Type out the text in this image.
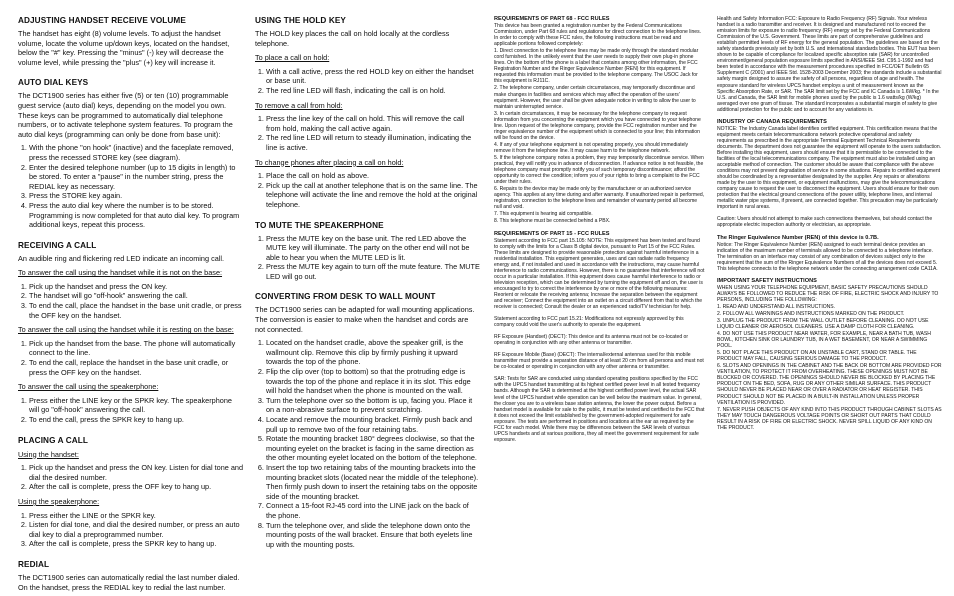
ADJUSTING HANDSET RECEIVE VOLUME

The handset has eight (8) volume levels. To adjust the handset volume, locate the volume up/down keys, located on the handset, below the "#" key. Pressing the "minus" (-) key will decrease the volume level, while pressing the "plus" (+) key will increase it.

AUTO DIAL KEYS

The DCT1900 series has either five (5) or ten (10) programmable guest service (auto dial) keys, depending on the model you own. These keys can be programmed to automatically dial telephone numbers, or to activate telephone system features. To program the auto dial keys (programming can only be done from base unit):

1. With the phone "on hook" (inactive) and the faceplate removed, press the recessed STORE key (see diagram).
2. Enter the desired telephone number (up to 15 digits in length) to be stored. To enter a "pause" in the number string, press the REDIAL key as necessary.
3. Press the STORE key again.
4. Press the auto dial key where the number is to be stored. Programming is now completed for that auto dial key. To program additional keys, repeat this process.
RECEIVING A CALL

An audible ring and flickering red LED indicate an incoming call.

To answer the call using the handset while it is not on the base:

1. Pick up the handset and press the ON key.
2. The handset will go "off-hook" answering the call.
3. To end the call, place the handset in the base unit cradle, or press the OFF key on the handset.

To answer the call using the handset while it is resting on the base:

1. Pick up the handset from the base. The phone will automatically connect to the line.
2. To end the call, replace the handset in the base unit cradle, or press the OFF key on the handset.

To answer the call using the speakerphone:

1. Press either the LINE key or the SPKR key. The speakerphone will go "off-hook" answering the call.
2. To end the call, press the SPKR key to hang up.
PLACING A CALL

Using the handset:

1. Pick up the handset and press the ON key. Listen for dial tone and dial the desired number.
2. After the call is complete, press the OFF key to hang up.

Using the speakerphone:

1. Press either the LINE or the SPKR key.
2. Listen for dial tone, and dial the desired number, or press an auto dial key to dial a preprogrammed number.
3. After the call is complete, press the SPKR key to hang up.
REDIAL

The DCT1900 series can automatically redial the last number dialed. On the handset, press the REDIAL key to redial the last number.

USING THE HOLD KEY

The HOLD key places the call on hold locally at the cordless telephone.

To place a call on hold:

1. With a call active, press the red HOLD key on either the handset or base unit.
2. The red line LED will flash, indicating the call is on hold.

To remove a call from hold:

1. Press the line key of the call on hold. This will remove the call from hold, making the call active again.
2. The red line LED will return to steady illumination, indicating the line is active.

To change phones after placing a call on hold:

1. Place the call on hold as above.
2. Pick up the call at another telephone that is on the same line. The telephone will activate the line and remove the hold at the original telephone.
TO MUTE THE SPEAKERPHONE
1. Press the MUTE key on the base unit. The red LED above the MUTE key will illuminate. The party on the other end will not be able to hear you when the MUTE LED is lit.
2. Press the MUTE key again to turn off the mute feature. The MUTE LED will go out.
CONVERTING FROM DESK TO WALL MOUNT

The DCT1900 series can be adapted for wall mounting applications. The conversion is easier to make when the handset and cords are not connected.

1. Located on the handset cradle, above the speaker grill, is the wallmount clip. Remove this clip by firmly pushing it upward towards the top of the phone.
2. Flip the clip over (top to bottom) so that the protruding edge is towards the top of the phone and replace it in its slot. This edge will hold the handset when the phone is mounted on the wall.
3. Turn the telephone over so the bottom is up, facing you. Place it on a non-abrasive surface to prevent scratching.
4. Locate and remove the mounting bracket. Firmly push back and pull up to remove two of the four retaining tabs.
5. Rotate the mounting bracket 180° degrees clockwise, so that the mounting eyelet on the bracket is facing in the same direction as the other mounting eyelet located on the bottom of the telephone.
6. Insert the top two retaining tabs of the mounting brackets into the mounting bracket slots (located near the middle of the telephone). Then firmly push down to insert the retaining tabs on the opposite side of the mounting bracket.
7. Connect a 15-foot RJ-45 cord into the LINE jack on the back of the phone.
8. Turn the telephone over, and slide the telephone down onto the mounting posts of the wall bracket. Ensure that both eyelets line up with the mounting posts.
REQUIREMENTS OF PART 68 - FCC RULES

This device has been granted a registration number by the Federal Communications Commission, under Part 68 rules and regulations for direct connection to the telephone lines. In order to comply with these FCC rules, the following instructions must be read and applicable portions followed completely:

1. Direct connection to the telephone lines may be made only through the standard modular cord furnished. In the unlikely event that the user needs to supply their own plug-in phone lines. On the bottom of the phone is a label that contains among other information, the FCC Registration Number and the Ringer Equivalence Number (REN) for this equipment. If requested this information must be provided to the telephone company. The USOC Jack for this equipment is RJ11C.

2. The telephone company, under certain circumstances, may temporarily discontinue and make changes in facilities and services which may affect the operation of the users' equipment. However, the user shall be given adequate notice in writing to allow the user to maintain uninterrupted service.

3. In certain circumstances, it may be necessary for the telephone company to request information from you concerning the equipment which you have connected to your telephone line. Upon request of the telephone company, provide the FCC registration number and the ringer equivalence number of the equipment which is connected to your line; this information will be found on the device.

4. If any of your telephone equipment is not operating properly, you should immediately remove it from the telephone line. It may cause harm to the telephone network.

5. If the telephone company notes a problem, they may temporarily discontinue service. When practical, they will notify you in advance of disconnection. If advance notice is not feasible, the telephone company must promptly notify you of such temporary discontinuance; afford the opportunity to correct the condition; inform you of your rights to bring a complaint to the FCC under their rules.

6. Repairs to the device may be made only by the manufacturer or an authorized service agency. This applies at any time during and after warranty. If unauthorized repair is performed, registration, connection to the telephone lines and remainder of warranty period all become null and void.

7. This equipment is hearing aid compatible.

8. This telephone must be connected behind a PBX.

REQUIREMENTS OF PART 15 - FCC RULES

Statement according to FCC part 15.105: NOTE: This equipment has been tested and found to comply with the limits for a Class B digital device, pursuant to Part 15 of the FCC Rules. These limits are designed to provide reasonable protection against harmful interference in a residential installation. This equipment generates, uses and can radiate radio frequency energy and, if not installed and used in accordance with the instructions, may cause harmful interference to radio communications. However, there is no guarantee that interference will not occur in a particular installation. If this equipment does cause harmful interference to radio or television reception, which can be determined by turning the equipment off and on, the user is encouraged to try to correct the interference by one or more of the following measures: Reorient or relocate the receiving antenna; Increase the separation between the equipment and receiver; Connect the equipment into an outlet on a circuit different from that to which the receiver is connected; Consult the dealer or an experienced radio/TV technician for help.

Statement according to FCC part 15.21: Modifications not expressly approved by this company could void the user's authority to operate the equipment.

RF Exposure (Handset) (DECT): This device and its antenna must not be co-located or operating in conjunction with any other antenna or transmitter.

RF Exposure Mobile (Base) (DECT): The internal/external antennas used for this mobile transmitter must provide a separation distance of at least 20 cm from all persons and must not be co-located or operating in conjunction with any other antenna or transmitter.

SAR: Tests for SAR are conducted using standard operating positions specified by the FCC with the UPCS handset transmitting at its highest certified power level in all tested frequency bands. Although the SAR is determined at the highest certified power level, the actual SAR level of the UPCS handset while operation can be well below the maximum value. In general, the closer you are to a wireless base station antenna, the lower the power output. Before a handset model is available for sale to the public, it must be tested and certified to the FCC that it does not exceed the limit established by the government-adopted requirement for safe exposure. The tests are performed in positions and locations at the ear as required by the FCC for each model. While there may be differences between the SAR levels of various UPCS handsets and at various positions, they all meet the government requirement for safe exposure.

Health and Safety Information FCC: Exposure to Radio Frequency (RF) Signals. Your wireless handset is a radio transmitter and receiver. It is designed and manufactured not to exceed the emission limits for exposure to radio frequency (RF) energy set by the Federal Communications Commission of the U.S. Government. These limits are part of comprehensive guidelines and establish permitted levels of RF energy for the general population. The guidelines are based on the safety standards previously set by both U.S. and international standards bodies. This EUT has been shown to be capable of compliance for localized specific absorption rate (SAR) for uncontrolled environment/general population exposure limits specified in ANSI/IEEE Std. C95.1-1992 and had been tested in accordance with the measurement procedures specified in FCC/OET Bulletin 65 Supplement C (2001) and IEEE Std. 1528-2003 December 2003; the standards include a substantial safety margin designed to assure the safety of all persons, regardless of age and health. The exposure standard for wireless UPCS handset employs a unit of measurement known as the Specific Absorption Rate, or SAR. The SAR limit set by the FCC and IC Canada is 1.6W/kg. * In the U.S. and Canada, the SAR limit for mobile phones used by the public is 1.6 watts/kg (W/kg) averaged over one gram of tissue. The standard incorporates a substantial margin of safety to give additional protection for the public and to account for any variations in.

INDUSTRY OF CANADA REQUIREMENTS

NOTICE: The Industry Canada label identifies certified equipment. This certification means that the equipment meets certain telecommunications network protective operational and safety requirements as prescribed in the appropriate Terminal Equipment Technical Requirements documents. The department does not guarantee the equipment will operate to the users satisfaction. Before installing this equipment, users should ensure that it is permissible to be connected to the facilities of the local telecommunications company. The equipment must also be installed using an acceptable method of connection. The customer should be aware that compliance with the above conditions may not prevent degradation of service in some situations. Repairs to certified equipment should be coordinated by a representative designated by the supplier. Any repairs or alterations made by the user to this equipment, or equipment malfunctions, may give the telecommunications company cause to request the user to disconnect the equipment. Users should ensure for their own protection that the electrical ground connections of the power utility, telephone lines, and internal metallic water pipe systems, if present, are connected together. This precaution may be particularly important in rural areas.

Caution: Users should not attempt to make such connections themselves, but should contact the appropriate electric inspection authority or electrician, as appropriate.

The Ringer Equivalence Number (REN) of this device is 0.7B.

Notice: The Ringer Equivalence Number (REN) assigned to each terminal device provides an indication of the maximum number of terminals allowed to be connected to a telephone interface. The termination on an interface may consist of any combination of devices subject only to the requirement that the sum of the Ringer Equivalence Numbers of all the devices does not exceed 5. This telephone connects to the telephone network under the connecting arrangement code CA11A.

IMPORTANT SAFETY INSTRUCTIONS

WHEN USING YOUR TELEPHONE EQUIPMENT, BASIC SAFETY PRECAUTIONS SHOULD ALWAYS BE FOLLOWED TO REDUCE THE RISK OF FIRE, ELECTRIC SHOCK AND INJURY TO PERSONS, INCLUDING THE FOLLOWING:

1. READ AND UNDERSTAND ALL INSTRUCTIONS.

2. FOLLOW ALL WARNINGS AND INSTRUCTIONS MARKED ON THE PRODUCT.

3. UNPLUG THE PRODUCT FROM THE WALL OUTLET BEFORE CLEANING. DO NOT USE LIQUID CLEANER OR AEROSOL CLEANERS. USE A DAMP CLOTH FOR CLEANING.

4. DO NOT USE THIS PRODUCT NEAR WATER, FOR EXAMPLE, NEAR A BATH TUB, WASH BOWL, KITCHEN SINK OR LAUNDRY TUB, IN A WET BASEMENT, OR NEAR A SWIMMING POOL.

5. DO NOT PLACE THIS PRODUCT ON AN UNSTABLE CART, STAND OR TABLE. THE PRODUCT MAY FALL, CAUSING SERIOUS DAMAGE TO THE PRODUCT.

6. SLOTS AND OPENINGS IN THE CABINET AND THE BACK OR BOTTOM ARE PROVIDED FOR VENTILATION, TO PROTECT IT FROM OVERHEATING. THESE OPENINGS MUST NOT BE BLOCKED OR COVERED. THE OPENINGS SHOULD NEVER BE BLOCKED BY PLACING THE PRODUCT ON THE BED, SOFA, RUG OR ANY OTHER SIMILAR SURFACE. THIS PRODUCT SHOULD NEVER BE PLACED NEAR OR OVER A RADIATOR OR HEAT REGISTER. THIS PRODUCT SHOULD NOT BE PLACED IN A BUILT-IN INSTALLATION UNLESS PROPER VENTILATION IS PROVIDED.

7. NEVER PUSH OBJECTS OF ANY KIND INTO THIS PRODUCT THROUGH CABINET SLOTS AS THEY MAY TOUCH DANGEROUS VOLTAGE POINTS OR SHORT OUT PARTS THAT COULD RESULT IN A RISK OF FIRE OR ELECTRIC SHOCK. NEVER SPILL LIQUID OF ANY KIND ON THE PRODUCT.
